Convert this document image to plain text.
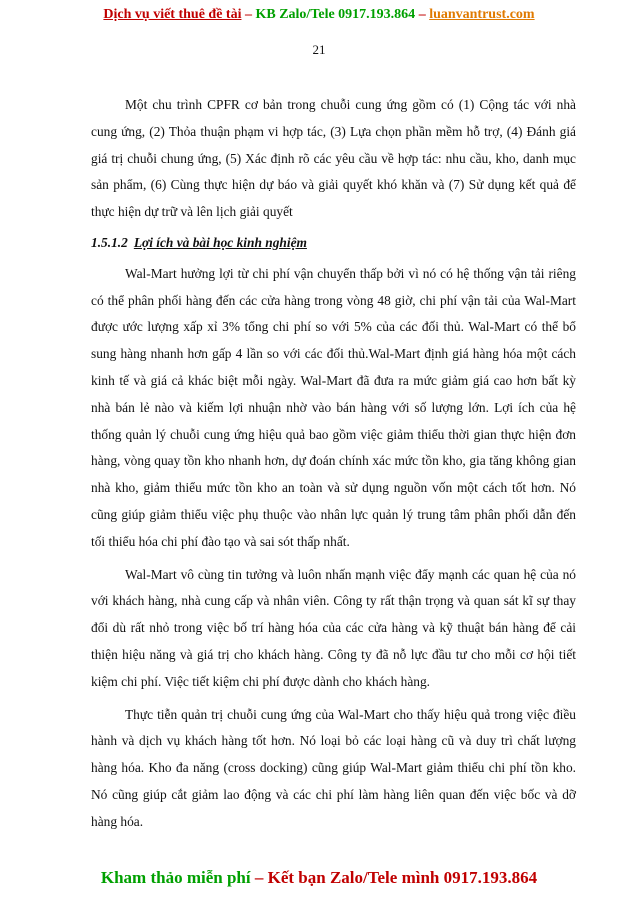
Dịch vụ viết thuê đề tài – KB Zalo/Tele 0917.193.864 – luanvantrust.com
21

Một chu trình CPFR cơ bản trong chuỗi cung ứng gồm có (1) Cộng tác với nhà cung ứng, (2) Thỏa thuận phạm vi hợp tác, (3) Lựa chọn phần mềm hỗ trợ, (4) Đánh giá giá trị chuỗi chung ứng, (5) Xác định rõ các yêu cầu về hợp tác: nhu cầu, kho, danh mục sản phẩm, (6) Cùng thực hiện dự báo và giải quyết khó khăn và (7) Sử dụng kết quả để thực hiện dự trữ và lên lịch giải quyết

1.5.1.2 Lợi ích và bài học kinh nghiệm

Wal-Mart hưởng lợi từ chi phí vận chuyển thấp bởi vì nó có hệ thống vận tải riêng có thể phân phối hàng đến các cửa hàng trong vòng 48 giờ, chi phí vận tải của Wal-Mart được ước lượng xấp xỉ 3% tổng chi phí so với 5% của các đối thủ. Wal-Mart có thể bổ sung hàng nhanh hơn gấp 4 lần so với các đối thủ.Wal-Mart định giá hàng hóa một cách kinh tế và giá cả khác biệt mỗi ngày. Wal-Mart đã đưa ra mức giảm giá cao hơn bất kỳ nhà bán lẻ nào và kiếm lợi nhuận nhờ vào bán hàng với số lượng lớn. Lợi ích của hệ thống quản lý chuỗi cung ứng hiệu quả bao gồm việc giảm thiểu thời gian thực hiện đơn hàng, vòng quay tồn kho nhanh hơn, dự đoán chính xác mức tồn kho, gia tăng không gian nhà kho, giảm thiểu mức tồn kho an toàn và sử dụng nguồn vốn một cách tốt hơn. Nó cũng giúp giảm thiểu việc phụ thuộc vào nhân lực quản lý trung tâm phân phối dẫn đến tối thiểu hóa chi phí đào tạo và sai sót thấp nhất.

Wal-Mart vô cùng tin tưởng và luôn nhấn mạnh việc đẩy mạnh các quan hệ của nó với khách hàng, nhà cung cấp và nhân viên. Công ty rất thận trọng và quan sát kĩ sự thay đổi dù rất nhỏ trong việc bố trí hàng hóa của các cửa hàng và kỹ thuật bán hàng để cải thiện hiệu năng và giá trị cho khách hàng. Công ty đã nỗ lực đầu tư cho mỗi cơ hội tiết kiệm chi phí. Việc tiết kiệm chi phí được dành cho khách hàng.

Thực tiễn quản trị chuỗi cung ứng của Wal-Mart cho thấy hiệu quả trong việc điều hành và dịch vụ khách hàng tốt hơn. Nó loại bỏ các loại hàng cũ và duy trì chất lượng hàng hóa. Kho đa năng (cross docking) cũng giúp Wal-Mart giảm thiểu chi phí tồn kho. Nó cũng giúp cắt giảm lao động và các chi phí làm hàng liên quan đến việc bốc và dỡ hàng hóa.

Kham thảo miễn phí – Kết bạn Zalo/Tele mình 0917.193.864
